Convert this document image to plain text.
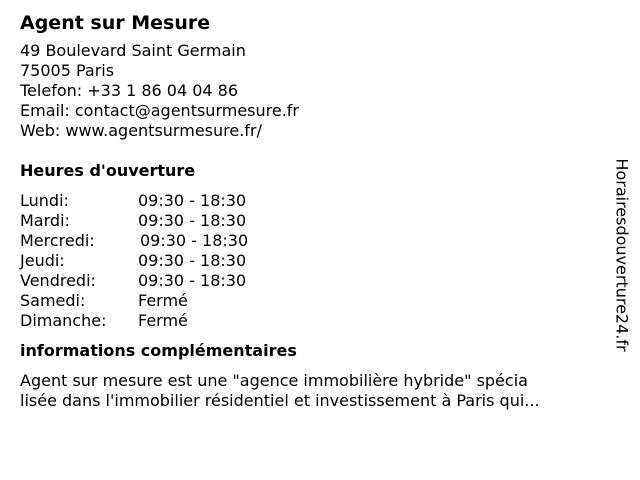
Agent sur Mesure
49 Boulevard Saint Germain
75005 Paris
Telefon: +33 1 86 04 04 86
Email: contact@agentsurmesure.fr
Web: www.agentsurmesure.fr/
Heures d'ouverture
Lundi:	09:30 - 18:30
Mardi:	09:30 - 18:30
Mercredi:	09:30 - 18:30
Jeudi:	09:30 - 18:30
Vendredi:	09:30 - 18:30
Samedi:	Fermé
Dimanche: Fermé
informations complémentaires
Agent sur mesure est une "agence immobilière hybride" spécia
lisée dans l'immobilier résidentiel et investissement à Paris qui...
Horairesdouverture24.fr
